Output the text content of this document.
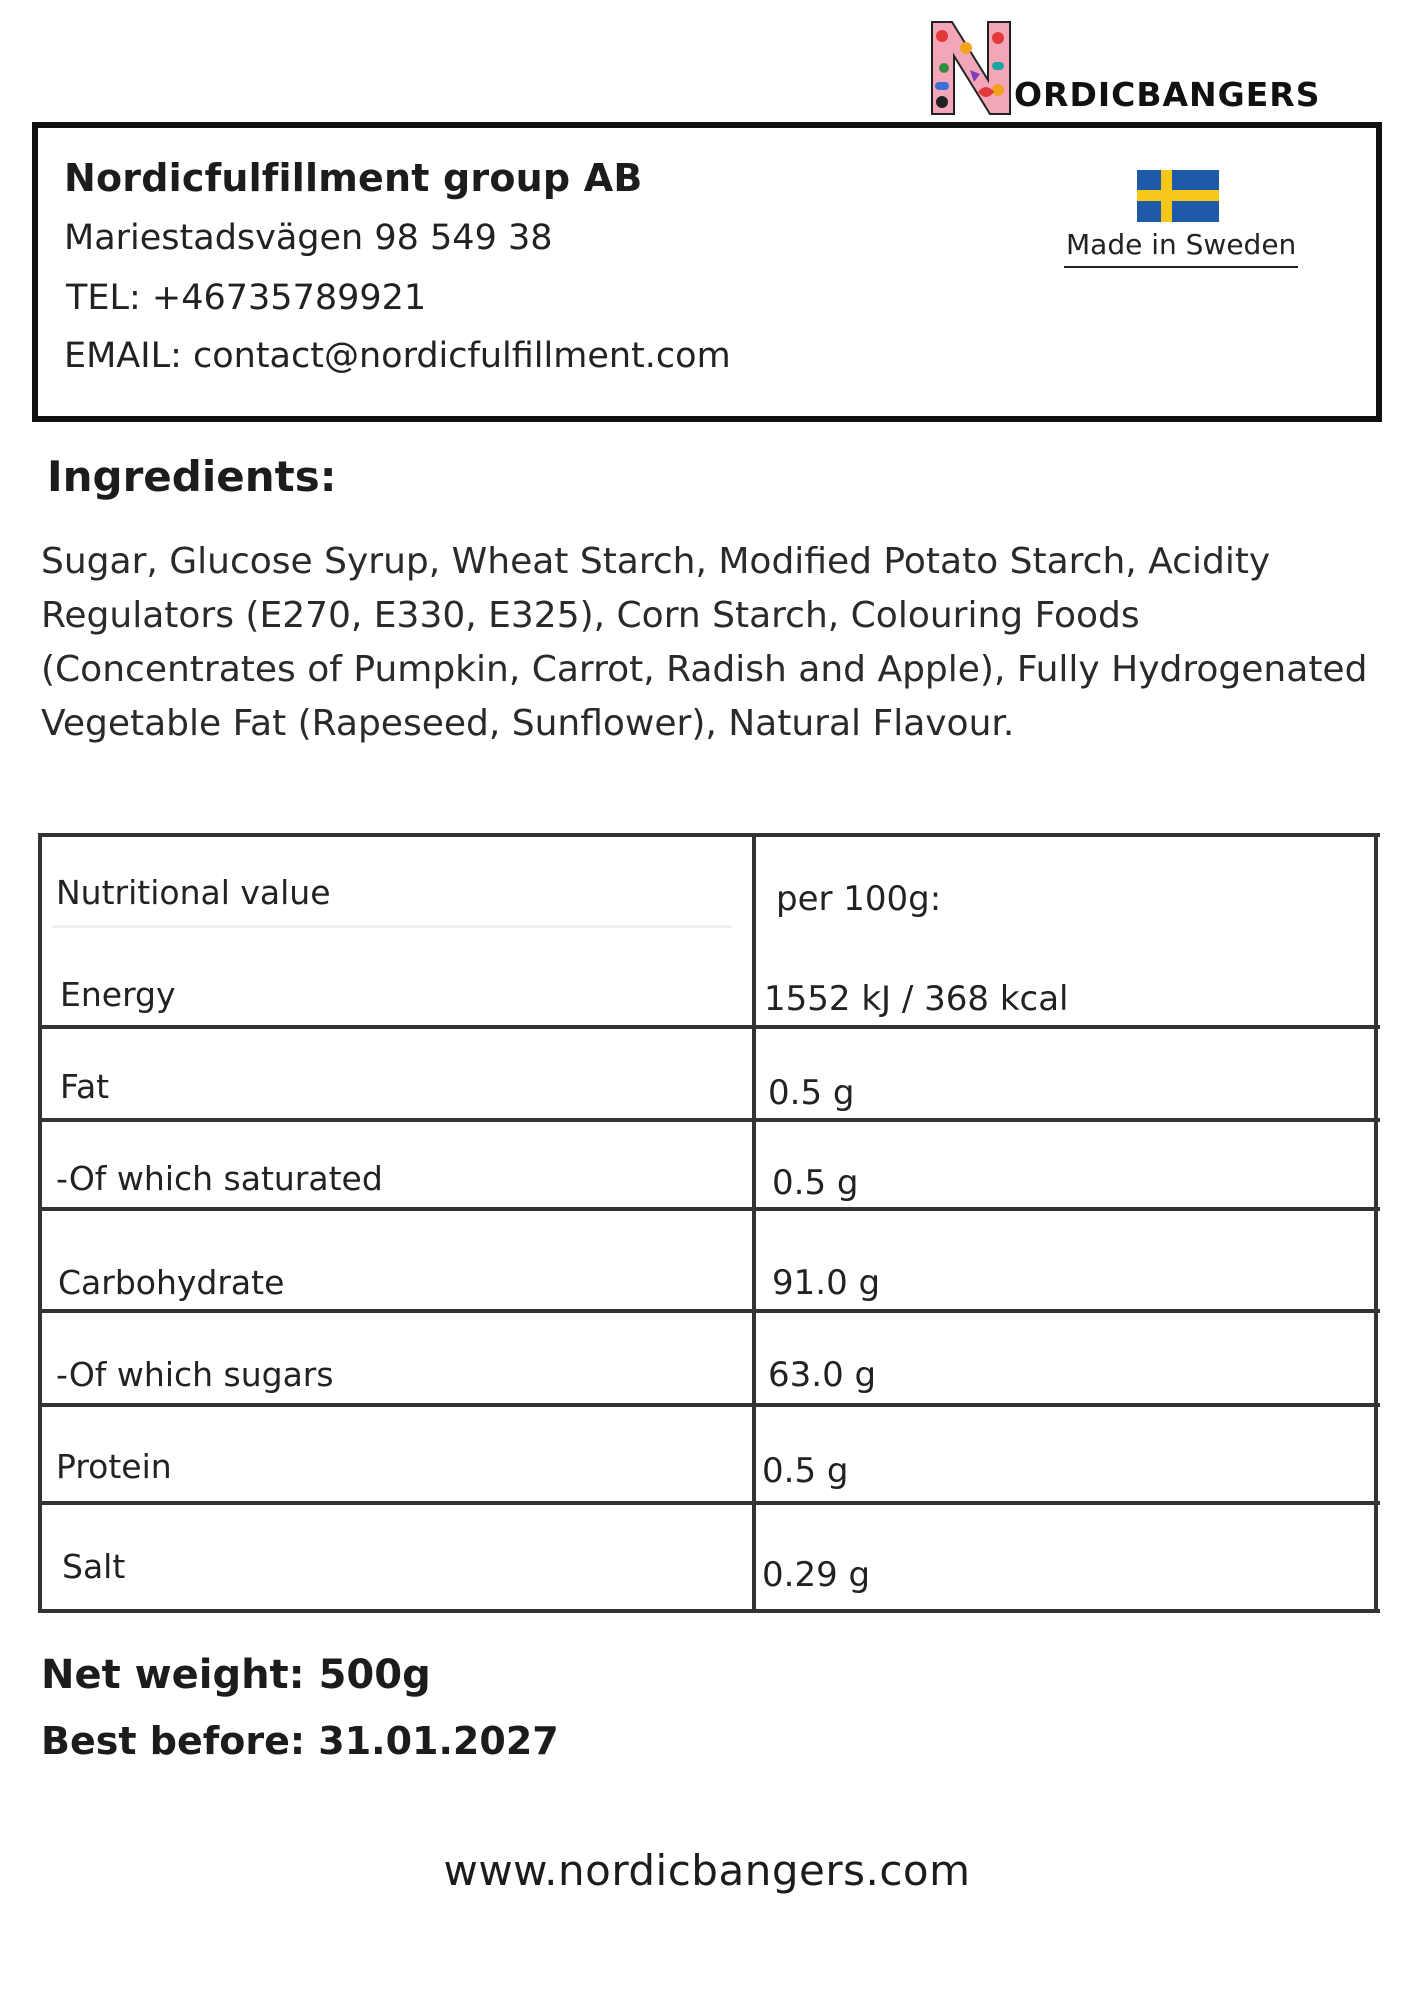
Nordicfulfillment group AB
Mariestadsvägen 98 549 38
TEL: +46735789921
EMAIL: contact@nordicfulfillment.com
ORDICBANGERS
Made in Sweden
Ingredients:
Sugar, Glucose Syrup, Wheat Starch, Modified Potato Starch, Acidity Regulators (E270, E330, E325), Corn Starch, Colouring Foods (Concentrates of Pumpkin, Carrot, Radish and Apple), Fully Hydrogenated Vegetable Fat (Rapeseed, Sunflower), Natural Flavour.
Nutritional value	per 100g:
Energy	1552 kJ / 368 kcal
Fat	0.5 g
-Of which saturated	0.5 g
Carbohydrate	91.0 g
-Of which sugars	63.0 g
Protein	0.5 g
Salt	0.29 g
Net weight: 500g
Best before: 31.01.2027
www.nordicbangers.com
